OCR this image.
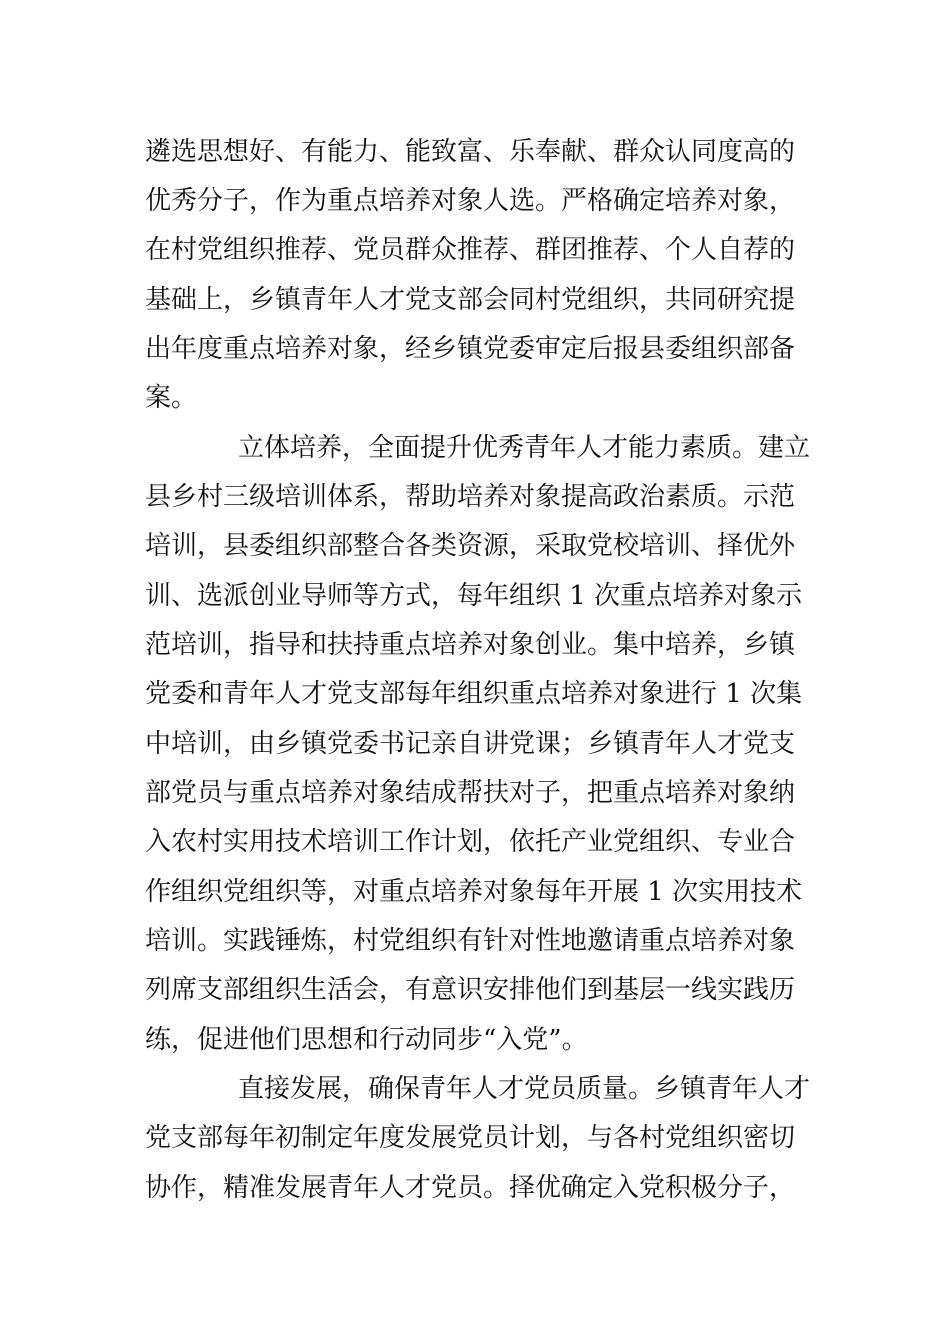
遴选思想好、有能力、能致富、乐奉献、群众认同度高的
优秀分子，作为重点培养对象人选。严格确定培养对象，
在村党组织推荐、党员群众推荐、群团推荐、个人自荐的
基础上，乡镇青年人才党支部会同村党组织，共同研究提
出年度重点培养对象，经乡镇党委审定后报县委组织部备
案。
立体培养，全面提升优秀青年人才能力素质。建立
县乡村三级培训体系，帮助培养对象提高政治素质。示范
培训，县委组织部整合各类资源，采取党校培训、择优外
训、选派创业导师等方式，每年组织 1 次重点培养对象示
范培训，指导和扶持重点培养对象创业。集中培养，乡镇
党委和青年人才党支部每年组织重点培养对象进行 1 次集
中培训，由乡镇党委书记亲自讲党课；乡镇青年人才党支
部党员与重点培养对象结成帮扶对子，把重点培养对象纳
入农村实用技术培训工作计划，依托产业党组织、专业合
作组织党组织等，对重点培养对象每年开展 1 次实用技术
培训。实践锤炼，村党组织有针对性地邀请重点培养对象
列席支部组织生活会，有意识安排他们到基层一线实践历
练，促进他们思想和行动同步“入党”。
直接发展，确保青年人才党员质量。乡镇青年人才
党支部每年初制定年度发展党员计划，与各村党组织密切
协作，精准发展青年人才党员。择优确定入党积极分子，
